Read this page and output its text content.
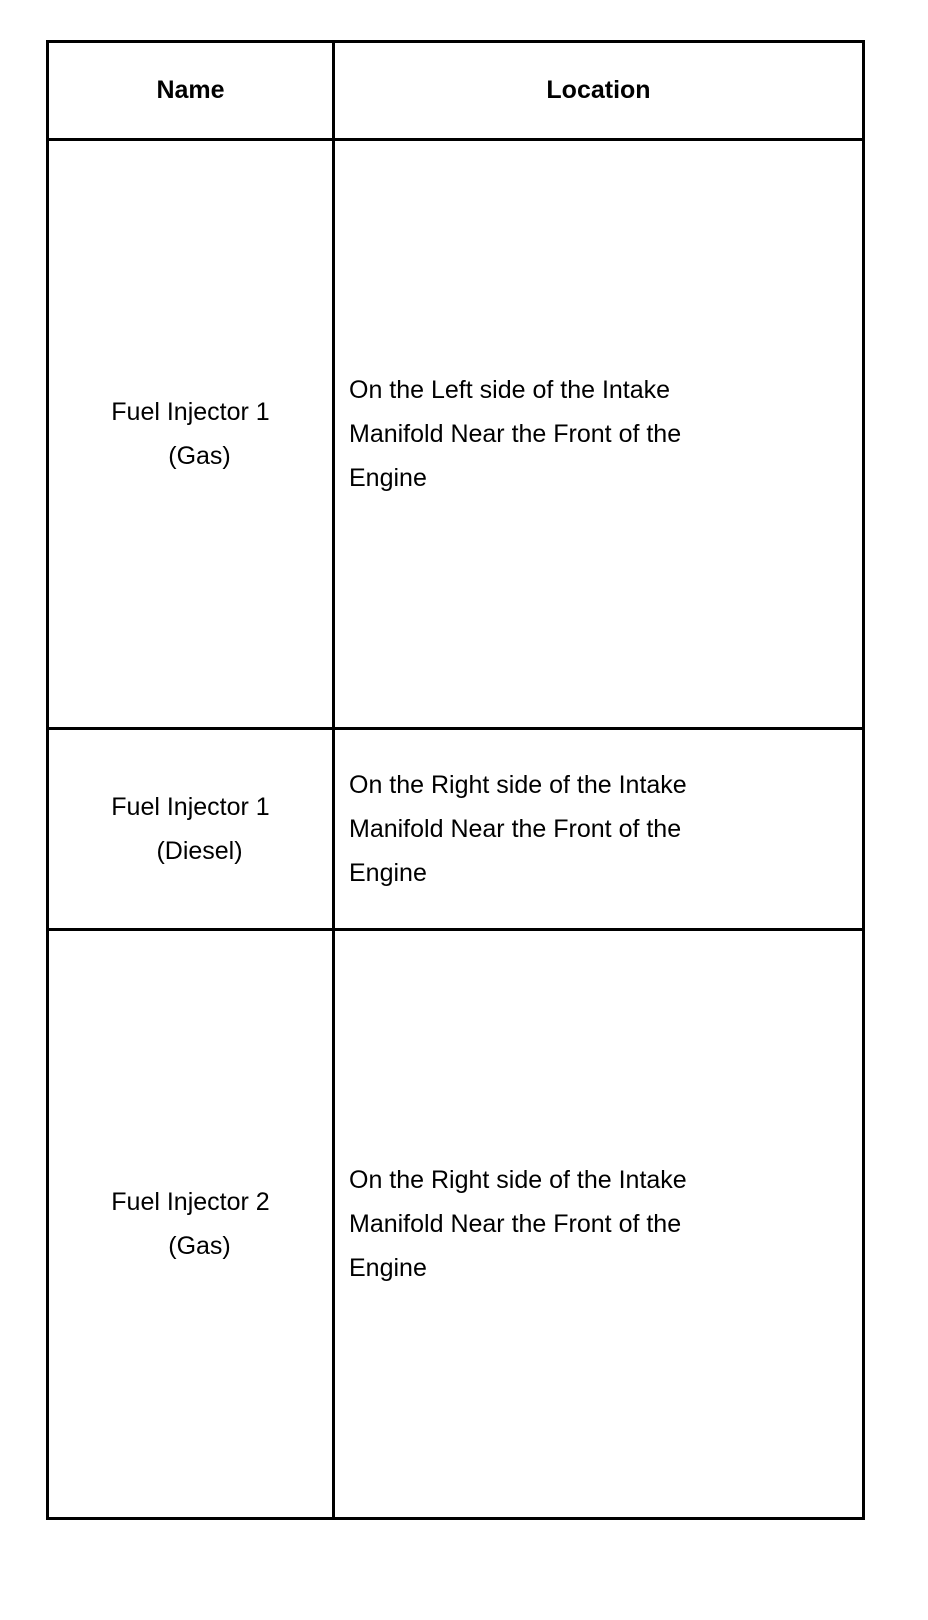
Name	Location

Fuel Injector 1
(Gas)	On the Left side of the Intake Manifold Near the Front of the Engine

Fuel Injector 1
(Diesel)	On the Right side of the Intake Manifold Near the Front of the Engine

Fuel Injector 2
(Gas)	On the Right side of the Intake Manifold Near the Front of the Engine
